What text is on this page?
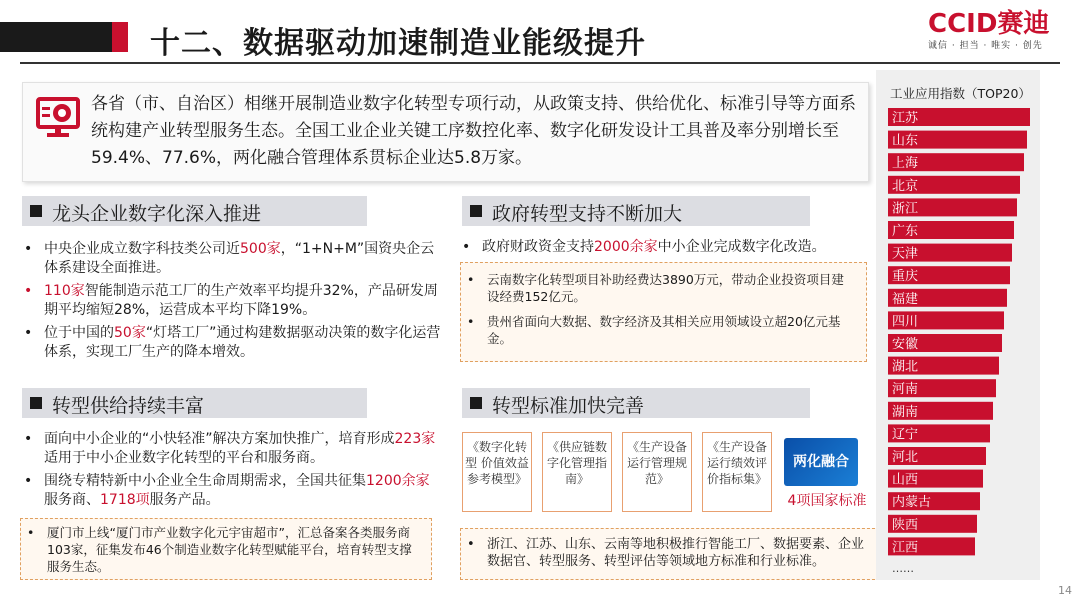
十二、数据驱动加速制造业能级提升
CCID赛迪
诚信 · 担当 · 唯实 · 创先
各省（市、自治区）相继开展制造业数字化转型专项行动，从政策支持、供给优化、标准引导等方面系统构建产业转型服务生态。全国工业企业关键工序数控化率、数字化研发设计工具普及率分别增长至59.4%、77.6%，两化融合管理体系贯标企业达5.8万家。
龙头企业数字化深入推进
• 中央企业成立数字科技类公司近500家，“1+N+M”国资央企云体系建设全面推进。
• 110家智能制造示范工厂的生产效率平均提升32%，产品研发周期平均缩短28%，运营成本平均下降19%。
• 位于中国的50家“灯塔工厂”通过构建数据驱动决策的数字化运营体系，实现工厂生产的降本增效。
转型供给持续丰富
• 面向中小企业的“小快轻准”解决方案加快推广，培育形成223家适用于中小企业数字化转型的平台和服务商。
• 围绕专精特新中小企业全生命周期需求，全国共征集1200余家服务商、1718项服务产品。
• 厦门市上线“厦门市产业数字化元宇宙超市”，汇总备案各类服务商103家，征集发布46个制造业数字化转型赋能平台，培育转型支撑服务生态。
政府转型支持不断加大
• 政府财政资金支持2000余家中小企业完成数字化改造。
• 云南数字化转型项目补助经费达3890万元，带动企业投资项目建设经费152亿元。
• 贵州省面向大数据、数字经济及其相关应用领域设立超20亿元基金。
转型标准加快完善
《数字化转型 价值效益参考模型》
《供应链数字化管理指南》
《生产设备运行管理规范》
《生产设备运行绩效评价指标集》
两化融合
4项国家标准
• 浙江、江苏、山东、云南等地积极推行智能工厂、数据要素、企业数据官、转型服务、转型评估等领域地方标准和行业标准。
工业应用指数（TOP20）
江苏
山东
上海
北京
浙江
广东
天津
重庆
福建
四川
安徽
湖北
河南
湖南
辽宁
河北
山西
内蒙古
陕西
江西
……
14
